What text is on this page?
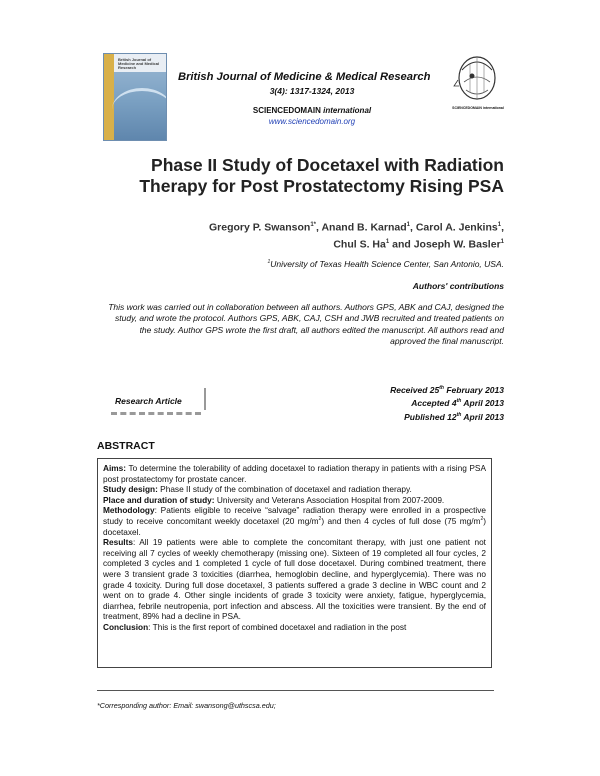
British Journal of Medicine and Medical Research
British Journal of Medicine & Medical Research
3(4): 1317-1324, 2013
SCIENCEDOMAIN international
www.sciencedomain.org
SCIENCEDOMAIN international
Phase II Study of Docetaxel with Radiation
Therapy for Post Prostatectomy Rising PSA
Gregory P. Swanson$^{1*}$, Anand B. Karnad$^1$, Carol A. Jenkins$^1$,
Chul S. Ha$^1$ and Joseph W. Basler$^1$
$^1$University of Texas Health Science Center, San Antonio, USA.
Authors' contributions
This work was carried out in collaboration between all authors. Authors GPS, ABK and CAJ, designed the study, and wrote the protocol. Authors GPS, ABK, CAJ, CSH and JWB recruited and treated patients on the study. Author GPS wrote the first draft, all authors edited the manuscript. All authors read and approved the final manuscript.
Research Article
Received 25th February 2013
Accepted 4th April 2013
Published 12th April 2013
ABSTRACT

Aims: To determine the tolerability of adding docetaxel to radiation therapy in patients with a rising PSA post prostatectomy for prostate cancer.

Study design: Phase II study of the combination of docetaxel and radiation therapy.

Place and duration of study: University and Veterans Association Hospital from 2007-2009.

Methodology: Patients eligible to receive “salvage” radiation therapy were enrolled in a prospective study to receive concomitant weekly docetaxel (20 $mg/m^2$) and then 4 cycles of full dose (75 $mg/m^2$) docetaxel.

Results: All 19 patients were able to complete the concomitant therapy, with just one patient not receiving all 7 cycles of weekly chemotherapy (missing one). Sixteen of 19 completed all four cycles, 2 completed 3 cycles and 1 completed 1 cycle of full dose docetaxel. During combined treatment, there were 3 transient grade 3 toxicities (diarrhea, hemoglobin decline, and hyperglycemia). There was no grade 4 toxicity. During full dose docetaxel, 3 patients suffered a grade 3 decline in WBC count and 2 went on to grade 4. Other single incidents of grade 3 toxicity were anxiety, fatigue, hyperglycemia, diarrhea, febrile neutropenia, port infection and abscess. All the toxicities were transient. By the end of treatment, 89% had a decline in PSA.

Conclusion: This is the first report of combined docetaxel and radiation in the post

*Corresponding author: Email: swansong@uthscsa.edu;
